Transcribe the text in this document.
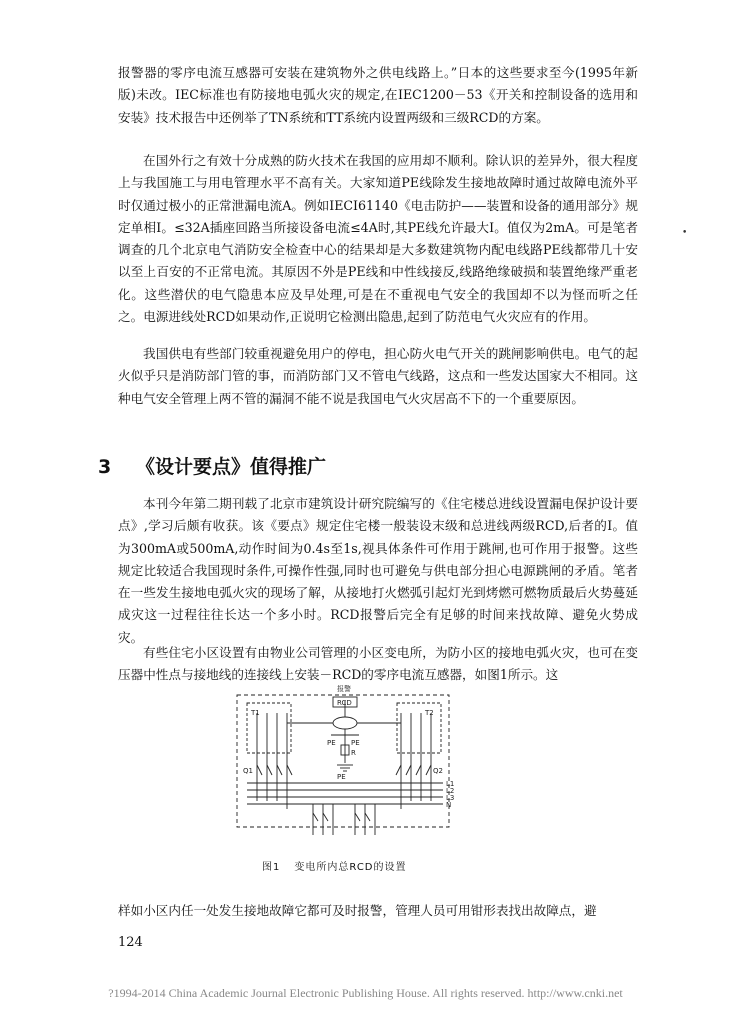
报警器的零序电流互感器可安装在建筑物外之供电线路上。”日本的这些要求至今(1995年新版)未改。IEC标准也有防接地电弧火灾的规定,在IEC1200－53《开关和控制设备的选用和安装》技术报告中还例举了TN系统和TT系统内设置两级和三级RCD的方案。

在国外行之有效十分成熟的防火技术在我国的应用却不顺利。除认识的差异外，很大程度上与我国施工与用电管理水平不高有关。大家知道PE线除发生接地故障时通过故障电流外平时仅通过极小的正常泄漏电流A。例如IECI61140《电击防护——装置和设备的通用部分》规定单相I。≤32A插座回路当所接设备电流≤4A时,其PE线允许最大I。值仅为2mA。可是笔者调查的几个北京电气消防安全检查中心的结果却是大多数建筑物内配电线路PE线都带几十安以至上百安的不正常电流。其原因不外是PE线和中性线接反,线路绝缘破损和装置绝缘严重老化。这些潜伏的电气隐患本应及早处理,可是在不重视电气安全的我国却不以为怪而听之任之。电源进线处RCD如果动作,正说明它检测出隐患,起到了防范电气火灾应有的作用。

我国供电有些部门较重视避免用户的停电，担心防火电气开关的跳闸影响供电。电气的起火似乎只是消防部门管的事，而消防部门又不管电气线路，这点和一些发达国家大不相同。这种电气安全管理上两不管的漏洞不能不说是我国电气火灾居高不下的一个重要原因。

3 《设计要点》值得推广

本刊今年第二期刊载了北京市建筑设计研究院编写的《住宅楼总进线设置漏电保护设计要点》,学习后颇有收获。该《要点》规定住宅楼一般装设末级和总进线两级RCD,后者的I。值为300mA或500mA,动作时间为0.4s至1s,视具体条件可作用于跳闸,也可作用于报警。这些规定比较适合我国现时条件,可操作性强,同时也可避免与供电部分担心电源跳闸的矛盾。笔者在一些发生接地电弧火灾的现场了解，从接地打火燃弧引起灯光到烤燃可燃物质最后火势蔓延成灾这一过程往往长达一个多小时。RCD报警后完全有足够的时间来找故障、避免火势成灾。

有些住宅小区设置有由物业公司管理的小区变电所，为防小区的接地电弧火灾，也可在变压器中性点与接地线的连接线上安装－RCD的零序电流互感器，如图1所示。这

报警
T1	T2
Q1	Q2
RCD
PE PE
R
PE
L1
L2
L3
N
图1 变电所内总RCD的设置

样如小区内任一处发生接地故障它都可及时报警，管理人员可用钳形表找出故障点，避

124
•
?1994-2014 China Academic Journal Electronic Publishing House. All rights reserved. http://www.cnki.net
